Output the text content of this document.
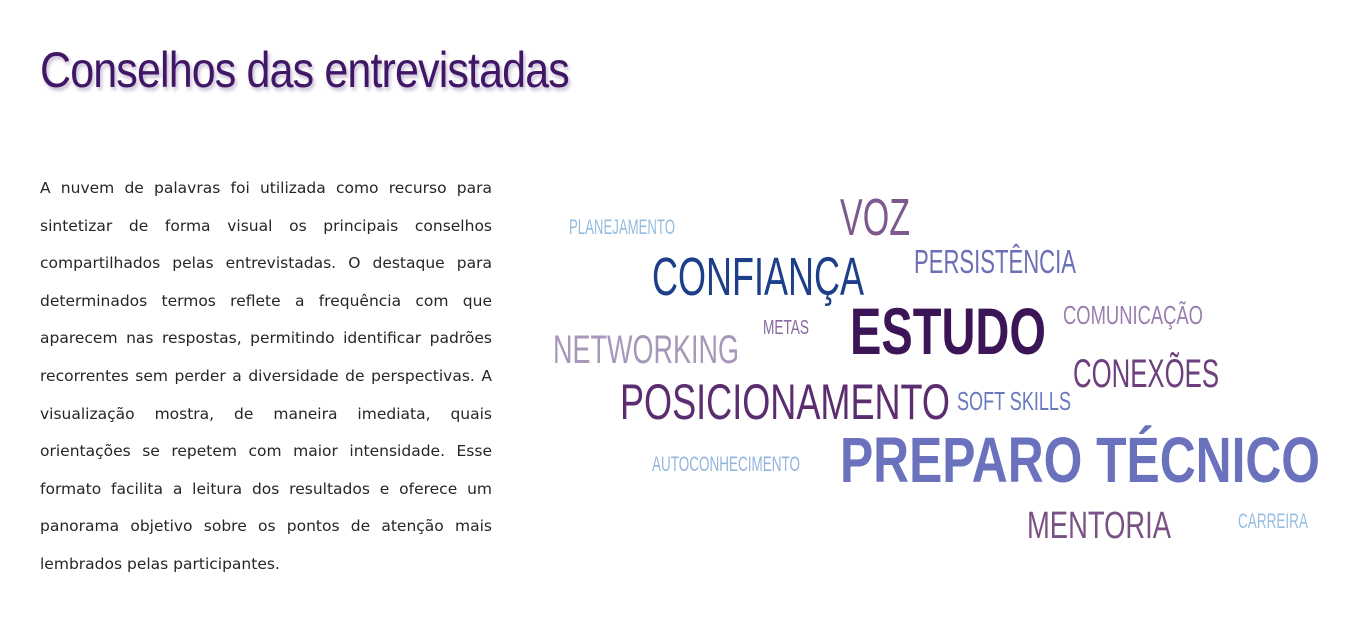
Conselhos das entrevistadas

A nuvem de palavras foi utilizada como recurso para sintetizar de forma visual os principais conselhos compartilhados pelas entrevistadas. O destaque para determinados termos reflete a frequência com que aparecem nas respostas, permitindo identificar padrões recorrentes sem perder a diversidade de perspectivas. A visualização mostra, de maneira imediata, quais orientações se repetem com maior intensidade. Esse formato facilita a leitura dos resultados e oferece um panorama objetivo sobre os pontos de atenção mais lembrados pelas participantes.

VOZ
PLANEJAMENTO
PERSISTÊNCIA
CONFIANÇA
COMUNICAÇÃO
METAS ESTUDO
NETWORKING
CONEXÕES
POSICIONAMENTO SOFT SKILLS
AUTOCONHECIMENTO PREPARO TÉCNICO
MENTORIA	CARREIRA
